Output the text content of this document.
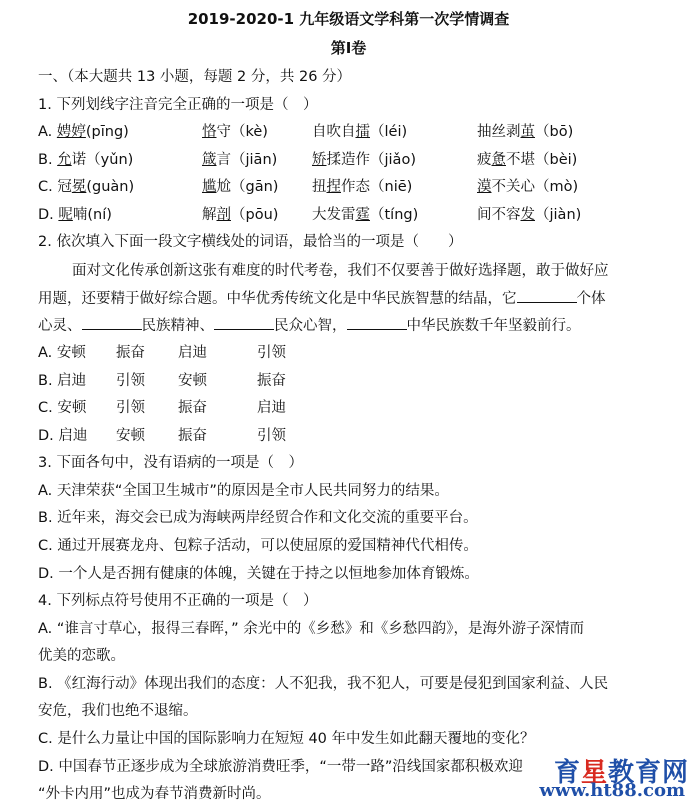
2019-2020-1 九年级语文学科第一次学情调查
第Ⅰ卷
一、（本大题共 13 小题，每题 2 分，共 26 分）
1. 下列划线字注音完全正确的一项是（　）
A. 娉婷(pīng)	恪守（kè)	自吹自擂（léi)	抽丝剥茧（bō)
B. 允诺（yǔn)	箴言（jiān) 矫揉造作（jiǎo)	疲惫不堪（bèi)
C. 冠冕(guàn)	尴尬（gān) 扭捏作态（niē)	漠不关心（mò)
D. 呢喃(ní)	解剖（pōu) 大发雷霆（tíng)	间不容发（jiàn)
2. 依次填入下面一段文字横线处的词语，最恰当的一项是（　　）
面对文化传承创新这张有难度的时代考卷，我们不仅要善于做好选择题，敢于做好应
用题，还要精于做好综合题。中华优秀传统文化是中华民族智慧的结晶，它	个体
心灵、	民族精神、	民众心智，	中华民族数千年坚毅前行。
A. 安顿 振奋 启迪	引领
B. 启迪 引领 安顿	振奋
C. 安顿 引领 振奋	启迪
D. 启迪 安顿 振奋	引领
3. 下面各句中，没有语病的一项是（　）
A. 天津荣获“全国卫生城市”的原因是全市人民共同努力的结果。
B. 近年来，海交会已成为海峡两岸经贸合作和文化交流的重要平台。
C. 通过开展赛龙舟、包粽子活动，可以使屈原的爱国精神代代相传。
D. 一个人是否拥有健康的体魄，关键在于持之以恒地参加体育锻炼。
4. 下列标点符号使用不正确的一项是（　）
A. “谁言寸草心，报得三春晖，” 余光中的《乡愁》和《乡愁四韵》，是海外游子深情而
优美的恋歌。
B. 《红海行动》体现出我们的态度：人不犯我，我不犯人，可要是侵犯到国家利益、人民
安危，我们也绝不退缩。
C. 是什么力量让中国的国际影响力在短短 40 年中发生如此翻天覆地的变化？
D. 中国春节正逐步成为全球旅游消费旺季，“一带一路”沿线国家都积极欢迎
“外卡内用”也成为春节消费新时尚。
育星教育网
www.ht88.com
